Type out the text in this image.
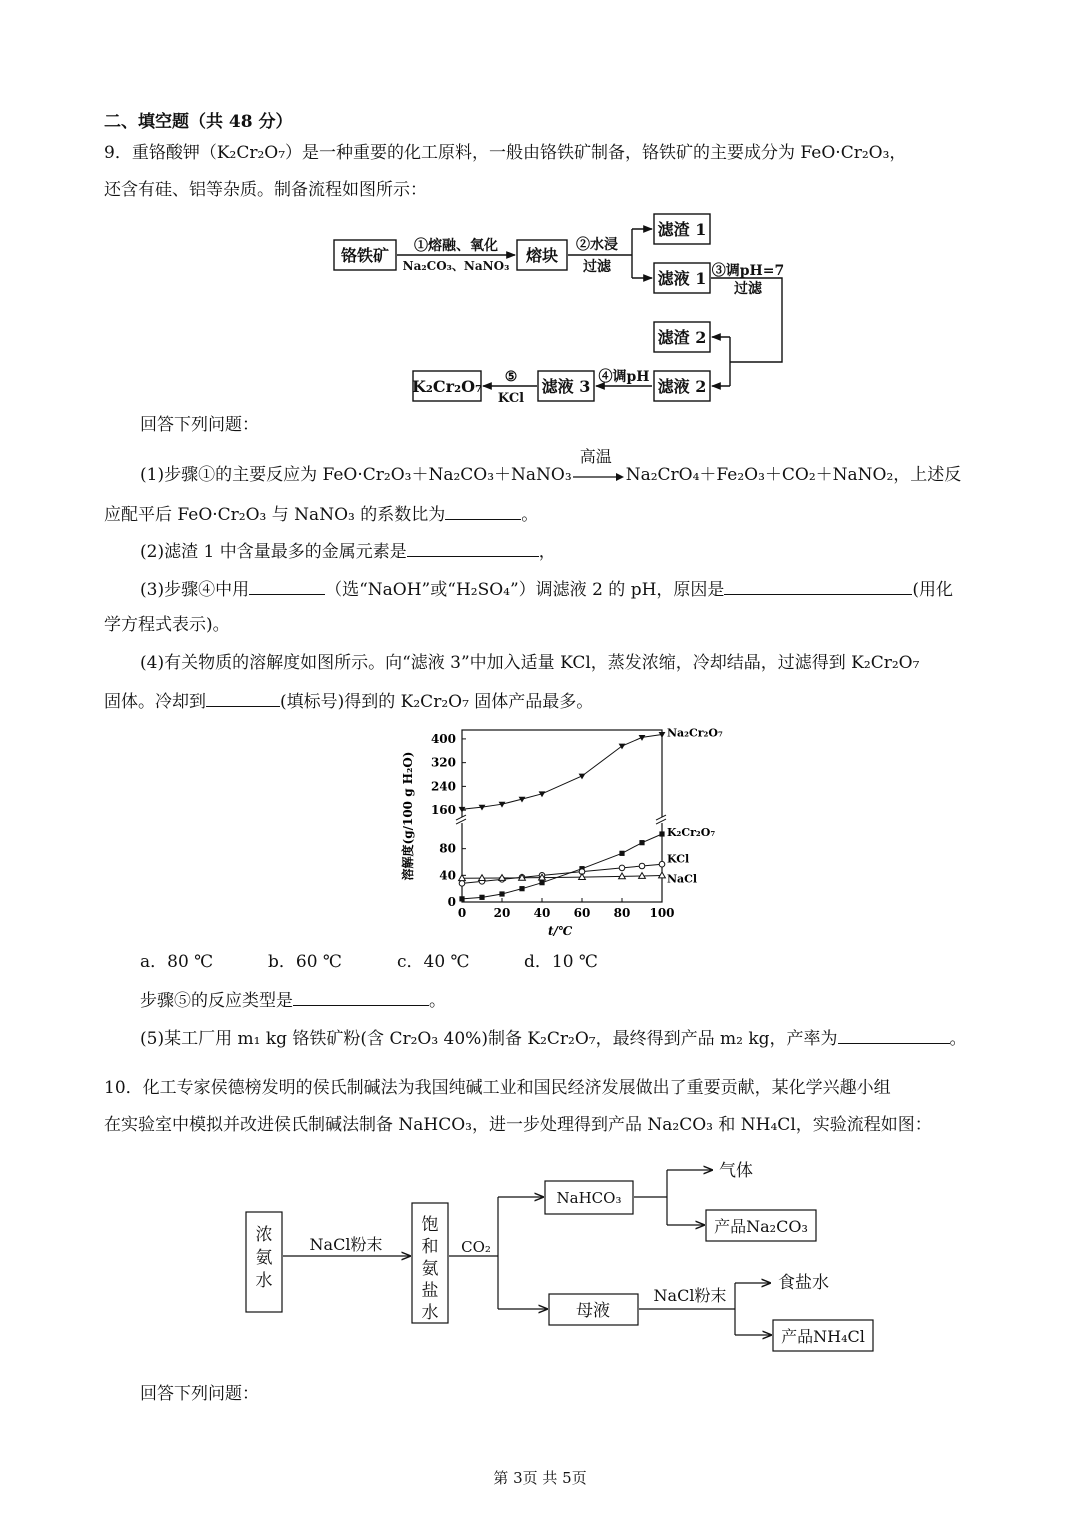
二、填空题（共 48 分）
9．重铬酸钾（K₂Cr₂O₇）是一种重要的化工原料，一般由铬铁矿制备，铬铁矿的主要成分为 FeO·Cr₂O₃，
还含有硅、铝等杂质。制备流程如图所示：
铬铁矿	熔块
滤渣 1
滤液 1
滤渣 2
滤液 2
滤液 3
K₂Cr₂O₇
①熔融、氧化
Na₂CO₃、NaNO₃
②水浸
过滤	③调pH=7
过滤
④调pH
⑤
KCl
回答下列问题：
(1)步骤①的主要反应为 FeO·Cr₂O₃＋Na₂CO₃＋NaNO₃
高温
Na₂CrO₄＋Fe₂O₃＋CO₂＋NaNO₂，上述反
应配平后 FeO·Cr₂O₃ 与 NaNO₃ 的系数比为	。
(2)滤渣 1 中含量最多的金属元素是	，
(3)步骤④中用	（选“NaOH”或“H₂SO₄”）调滤液 2 的 pH，原因是	(用化
学方程式表示)。
(4)有关物质的溶解度如图所示。向“滤液 3”中加入适量 KCl，蒸发浓缩，冷却结晶，过滤得到 K₂Cr₂O₇
固体。冷却到	(填标号)得到的 K₂Cr₂O₇ 固体产品最多。
0
40
80
160
240
320
400
0 20 40 60 80 100
t/℃
溶解度(g/100 g H₂O)
Na₂Cr₂O₇
K₂Cr₂O₇
KCl
NaCl
a．80 ℃	b．60 ℃	c．40 ℃	d．10 ℃
步骤⑤的反应类型是	。
(5)某工厂用 m₁ kg 铬铁矿粉(含 Cr₂O₃ 40%)制备 K₂Cr₂O₇，最终得到产品 m₂ kg，产率为	。
10．化工专家侯德榜发明的侯氏制碱法为我国纯碱工业和国民经济发展做出了重要贡献，某化学兴趣小组
在实验室中模拟并改进侯氏制碱法制备 NaHCO₃，进一步处理得到产品 Na₂CO₃ 和 NH₄Cl，实验流程如图：
浓
氨
水
饱
和
氨
盐
水
NaCl粉末	CO₂
NaHCO₃
气体
产品Na₂CO₃
母液
NaCl粉末
食盐水
产品NH₄Cl
回答下列问题：
第 3页 共 5页
